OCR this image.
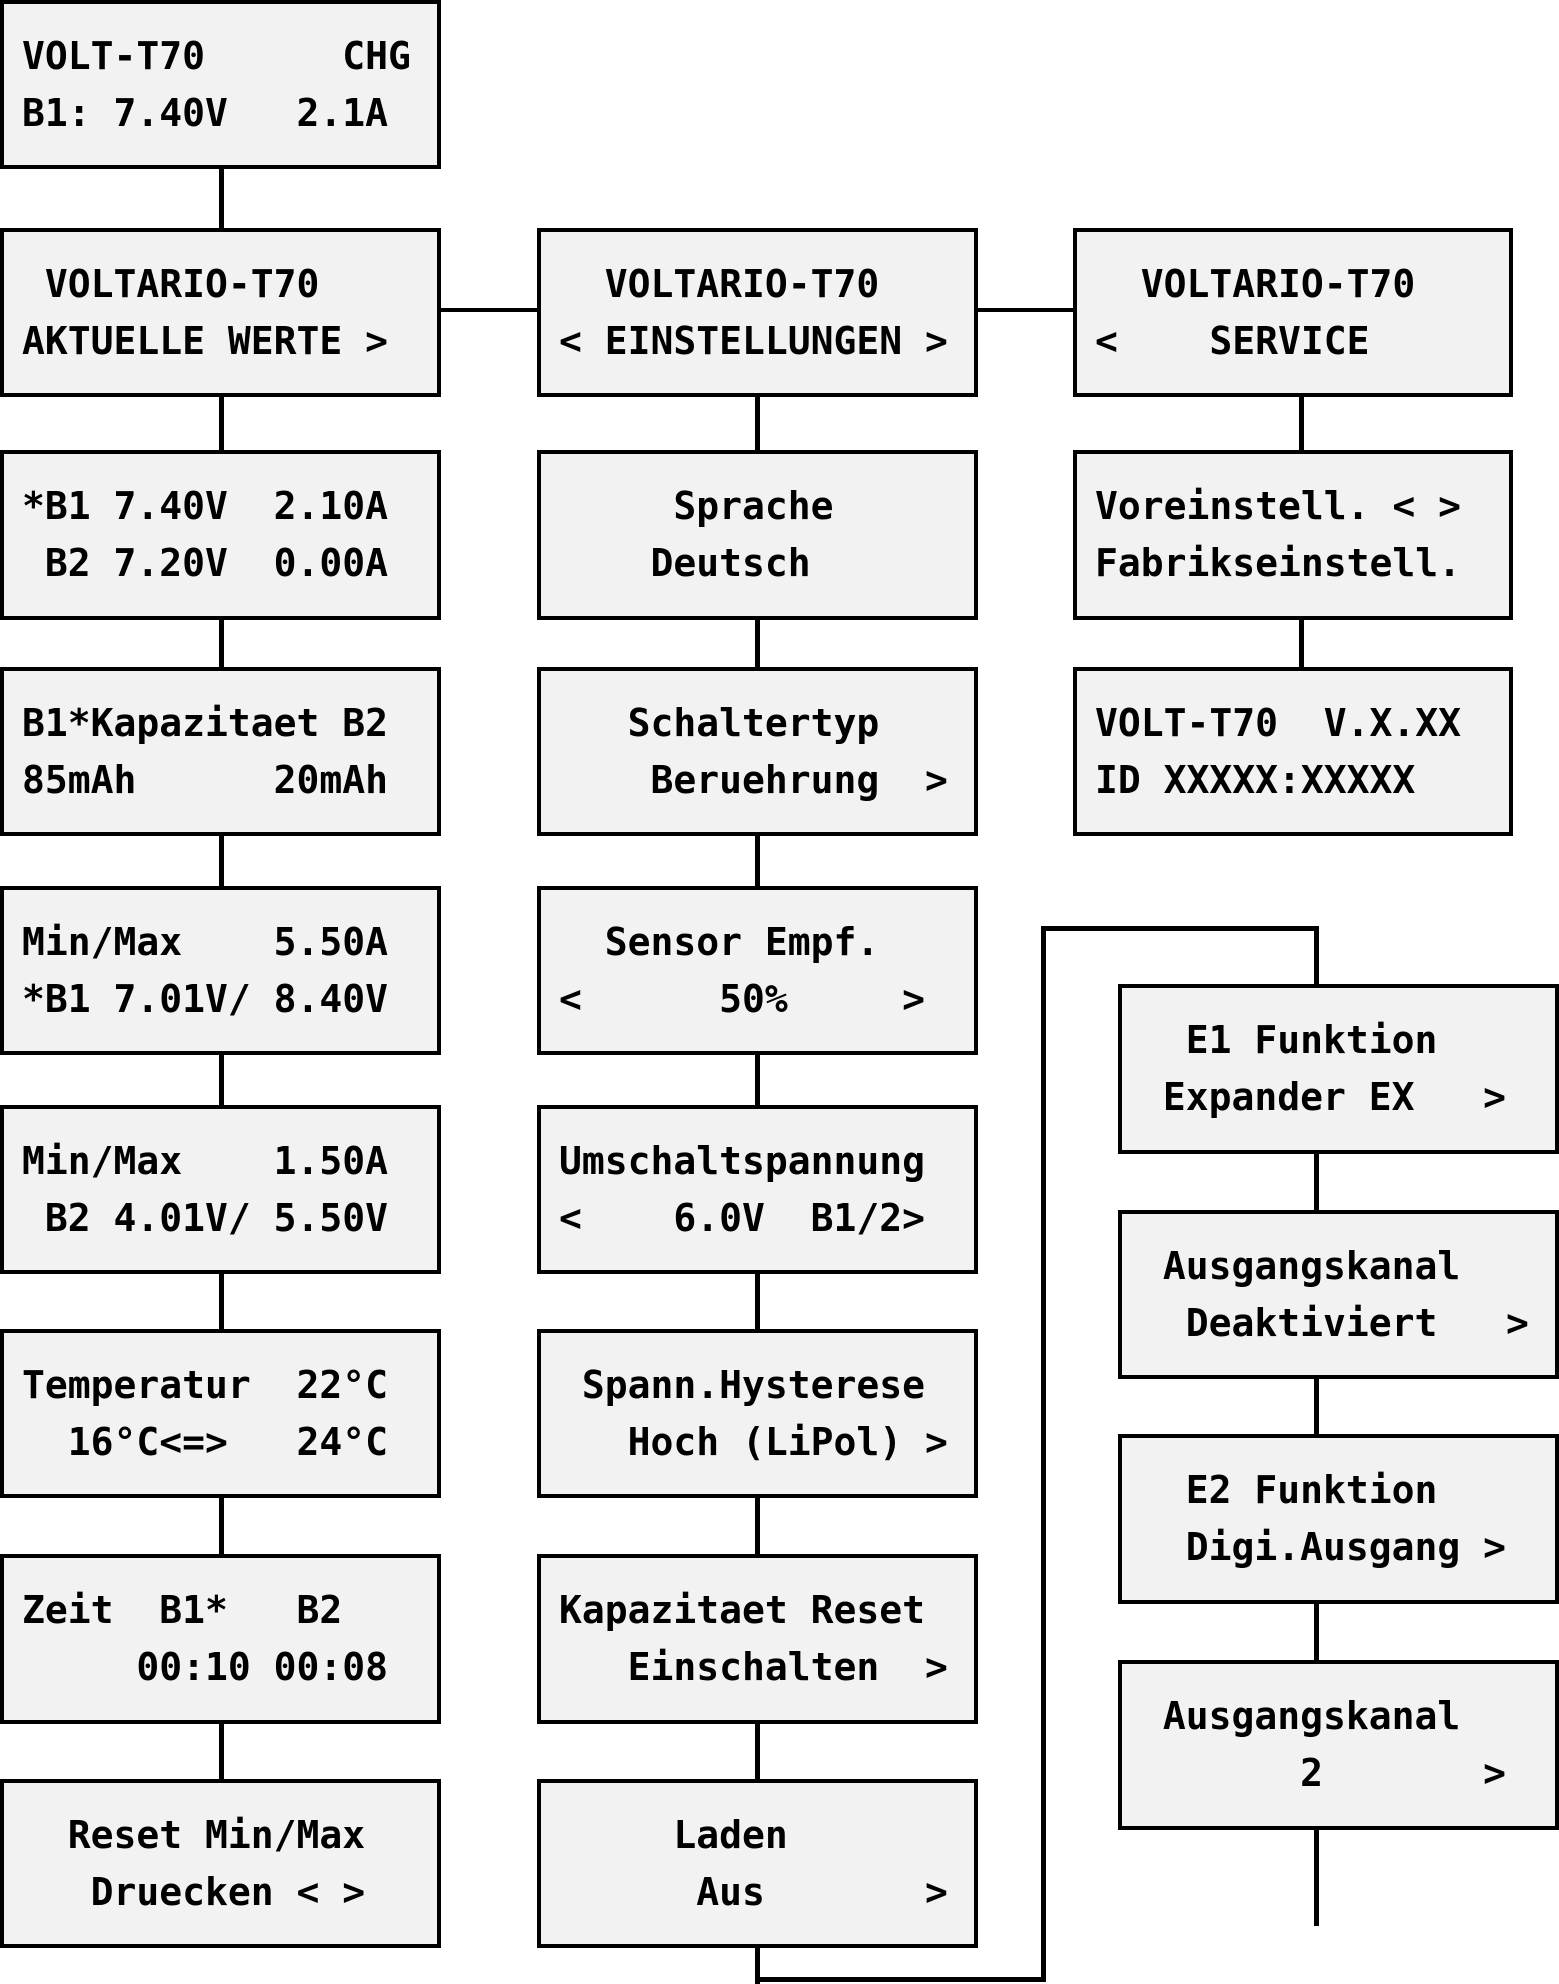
VOLT-T70      CHG
B1: 7.40V   2.1A
VOLTARIO-T70
AKTUELLE WERTE >
*B1 7.40V  2.10A
B2 7.20V  0.00A
B1*Kapazitaet B2
85mAh      20mAh
Min/Max    5.50A
*B1 7.01V/ 8.40V
Min/Max    1.50A
B2 4.01V/ 5.50V
Temperatur  22°C
16°C<=>   24°C
Zeit  B1*   B2
00:10 00:08
Reset Min/Max
Druecken < >
VOLTARIO-T70
< EINSTELLUNGEN >
Sprache
Deutsch
Schaltertyp
Beruehrung  >
Sensor Empf.
<      50%     >
Umschaltspannung
<    6.0V  B1/2>
Spann.Hysterese
Hoch (LiPol) >
Kapazitaet Reset
Einschalten  >
Laden
Aus       >
VOLTARIO-T70
<    SERVICE
Voreinstell. < >
Fabrikseinstell.
VOLT-T70  V.X.XX
ID XXXXX:XXXXX
E1 Funktion
Expander EX   >
Ausgangskanal
Deaktiviert   >
E2 Funktion
Digi.Ausgang >
Ausgangskanal
2       >
